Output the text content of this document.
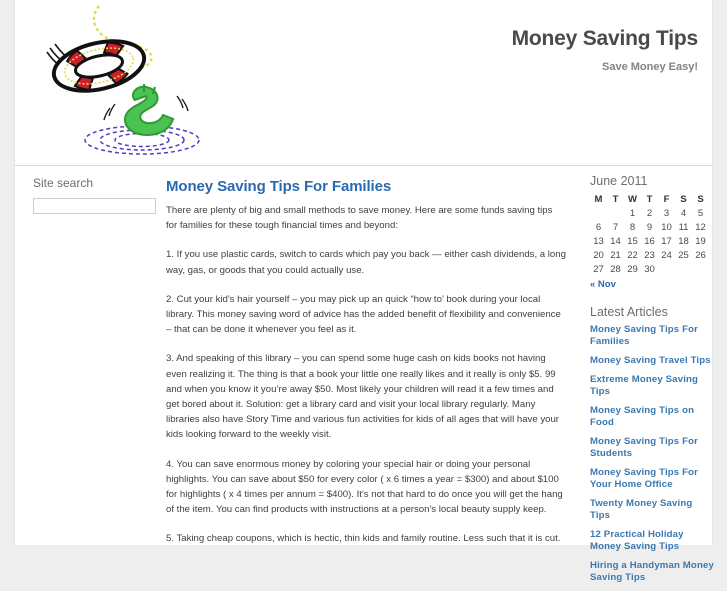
Money Saving Tips
Save Money Easy!
Site search	Money Saving Tips For Families

There are plenty of big and small methods to save money. Here are some funds saving tips for families for these tough financial times and beyond:

1. If you use plastic cards, switch to cards which pay you back — either cash dividends, a long way, gas, or goods that you could actually use.

2. Cut your kid's hair yourself – you may pick up an quick “how to’ book during your local library. This money saving word of advice has the added benefit of flexibility and convenience – that can be done it whenever you feel as it.

3. And speaking of this library – you can spend some huge cash on kids books not having even realizing it. The thing is that a book your little one really likes and it really is only $5. 99 and when you know it you’re away $50. Most likely your children will read it a few times and get bored about it. Solution: get a library card and visit your local library regularly. Many libraries also have Story Time and various fun activities for kids of all ages that will have your kids looking forward to the weekly visit.

4. You can save enormous money by coloring your special hair or doing your personal highlights. You can save about $50 for every color ( x 6 times a year = $300) and about $100 for highlights ( x 4 times per annum = $400). It's not that hard to do once you will get the hang of the item. You can find products with instructions at a person's local beauty supply keep.

5. Taking cheap coupons, which is hectic, thin kids and family routine. Less such that it is cut.

June 2011
M	T	W	T	F	S	S
		1	2	3	4	5
6	7	8	9	10	11	12
13	14	15	16	17	18	19
20	21	22	23	24	25	26
27	28	29	30			
« Nov
Latest Articles
Money Saving Tips For Families
Money Saving Travel Tips
Extreme Money Saving Tips
Money Saving Tips on Food
Money Saving Tips For Students
Money Saving Tips For Your Home Office
Twenty Money Saving Tips
12 Practical Holiday Money Saving Tips
Hiring a Handyman Money Saving Tips
